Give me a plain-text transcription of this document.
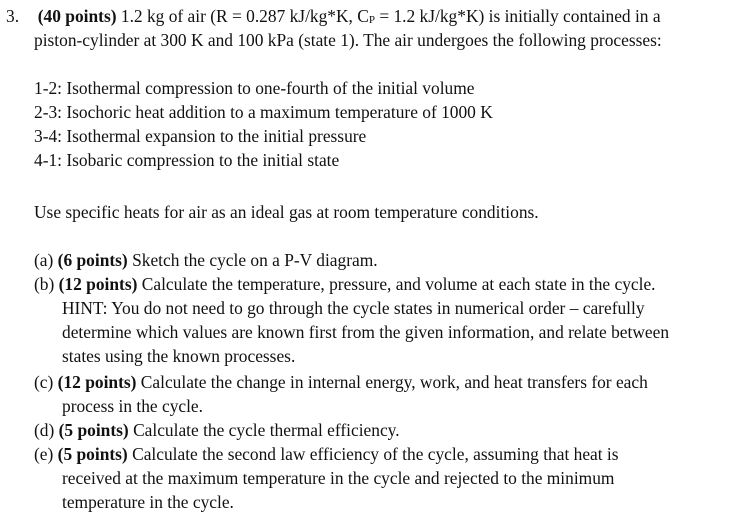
3. (40 points) 1.2 kg of air (R = 0.287 kJ/kg*K, $C_P = 1.2$ kJ/kg*K) is initially contained in a
piston-cylinder at 300 K and 100 kPa (state 1). The air undergoes the following processes:
1-2: Isothermal compression to one-fourth of the initial volume
2-3: Isochoric heat addition to a maximum temperature of 1000 K
3-4: Isothermal expansion to the initial pressure
4-1: Isobaric compression to the initial state
Use specific heats for air as an ideal gas at room temperature conditions.
(a) (6 points) Sketch the cycle on a P-V diagram.
(b) (12 points) Calculate the temperature, pressure, and volume at each state in the cycle.
HINT: You do not need to go through the cycle states in numerical order – carefully
determine which values are known first from the given information, and relate between
states using the known processes.
(c) (12 points) Calculate the change in internal energy, work, and heat transfers for each
process in the cycle.
(d) (5 points) Calculate the cycle thermal efficiency.
(e) (5 points) Calculate the second law efficiency of the cycle, assuming that heat is
received at the maximum temperature in the cycle and rejected to the minimum
temperature in the cycle.
